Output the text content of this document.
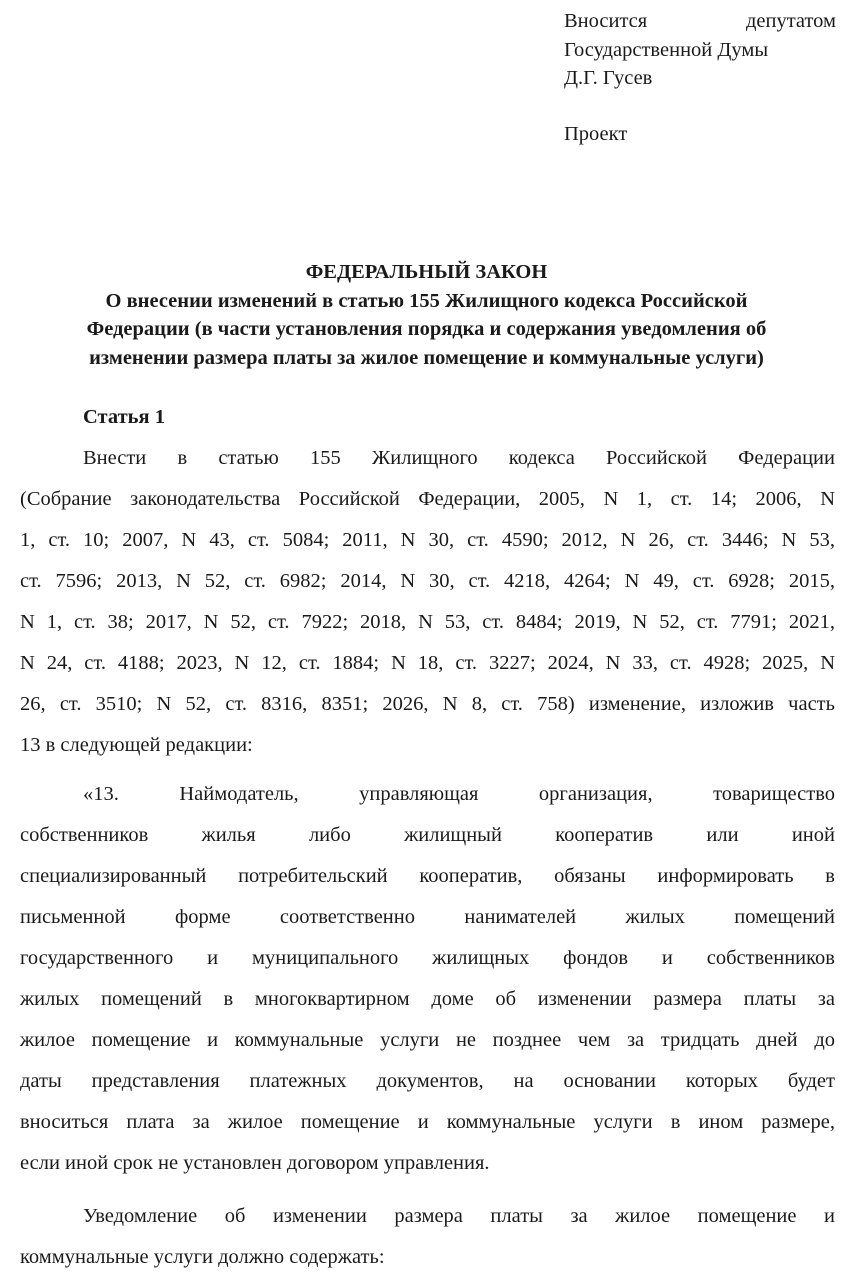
Вносится депутатом
Государственной Думы
Д.Г. Гусев
Проект
ФЕДЕРАЛЬНЫЙ ЗАКОН
О внесении изменений в статью 155 Жилищного кодекса Российской
Федерации (в части установления порядка и содержания уведомления об
изменении размера платы за жилое помещение и коммунальные услуги)
Статья 1
Внести в статью 155 Жилищного кодекса Российской Федерации
(Собрание законодательства Российской Федерации, 2005, N 1, ст. 14; 2006, N
1, ст. 10; 2007, N 43, ст. 5084; 2011, N 30, ст. 4590; 2012, N 26, ст. 3446; N 53,
ст. 7596; 2013, N 52, ст. 6982; 2014, N 30, ст. 4218, 4264; N 49, ст. 6928; 2015,
N 1, ст. 38; 2017, N 52, ст. 7922; 2018, N 53, ст. 8484; 2019, N 52, ст. 7791; 2021,
N 24, ст. 4188; 2023, N 12, ст. 1884; N 18, ст. 3227; 2024, N 33, ст. 4928; 2025, N
26, ст. 3510; N 52, ст. 8316, 8351; 2026, N 8, ст. 758) изменение, изложив часть
13 в следующей редакции:
«13. Наймодатель, управляющая организация, товарищество
собственников жилья либо жилищный кооператив или иной
специализированный потребительский кооператив, обязаны информировать в
письменной форме соответственно нанимателей жилых помещений
государственного и муниципального жилищных фондов и собственников
жилых помещений в многоквартирном доме об изменении размера платы за
жилое помещение и коммунальные услуги не позднее чем за тридцать дней до
даты представления платежных документов, на основании которых будет
вноситься плата за жилое помещение и коммунальные услуги в ином размере,
если иной срок не установлен договором управления.
Уведомление об изменении размера платы за жилое помещение и
коммунальные услуги должно содержать:
